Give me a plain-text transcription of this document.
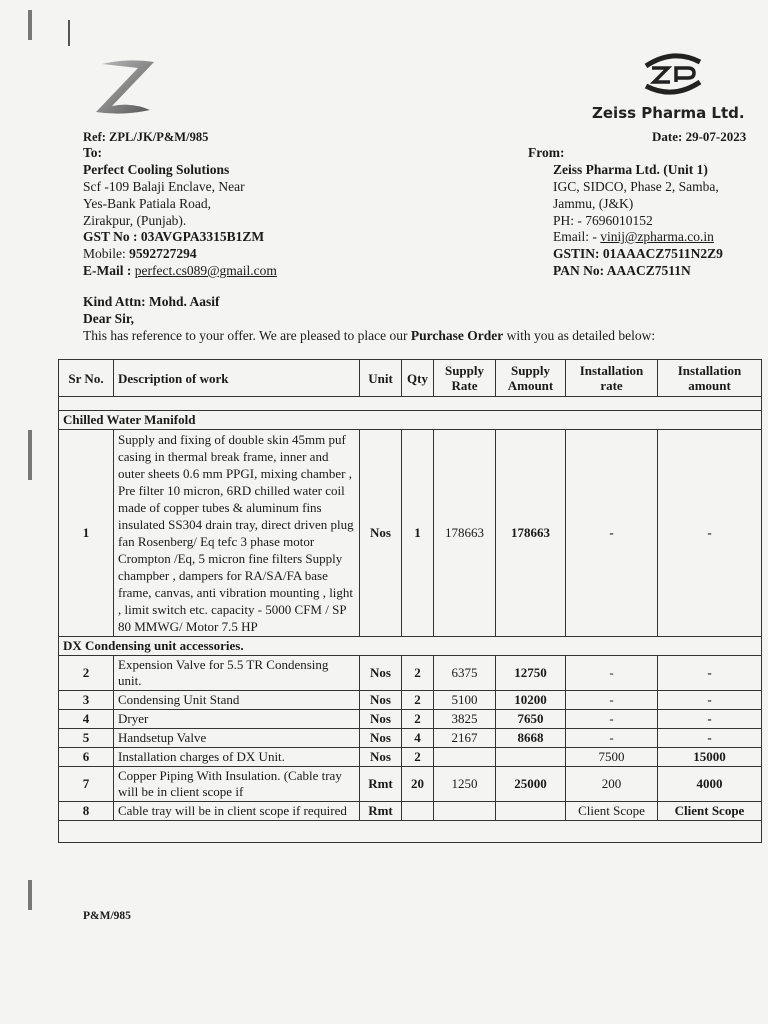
Zeiss Pharma Ltd.
Date: 29-07-2023
Ref: ZPL/JK/P&M/985
To:
Perfect Cooling Solutions
Scf -109 Balaji Enclave, Near
Yes-Bank Patiala Road,
Zirakpur, (Punjab).
GST No : 03AVGPA3315B1ZM
Mobile: 9592727294
E-Mail : perfect.cs089@gmail.com
From:
Zeiss Pharma Ltd. (Unit 1)
IGC, SIDCO, Phase 2, Samba,
Jammu, (J&K)
PH: - 7696010152
Email: - vinij@zpharma.co.in
GSTIN: 01AAACZ7511N2Z9
PAN No: AAACZ7511N
Kind Attn: Mohd. Aasif
Dear Sir,
This has reference to your offer. We are pleased to place our Purchase Order with you as detailed below:
Sr No.	Description of work	Unit	Qty	Supply Rate	Supply Amount	Installation rate	Installation amount

Chilled Water Manifold							
1	Supply and fixing of double skin 45mm puf casing in thermal break frame, inner and outer sheets 0.6 mm PPGI, mixing chamber , Pre filter 10 micron, 6RD chilled water coil made of copper tubes & aluminum fins insulated SS304 drain tray, direct driven plug fan Rosenberg/ Eq tefc 3 phase motor Crompton /Eq, 5 micron fine filters Supply champber , dampers for RA/SA/FA base frame, canvas, anti vibration mounting , light , limit switch etc. capacity - 5000 CFM / SP 80 MMWG/ Motor 7.5 HP	Nos	1	178663	178663	-	-
DX Condensing unit accessories.							
2	Expension Valve for 5.5 TR Condensing unit.	Nos	2	6375	12750	-	-
3	Condensing Unit Stand	Nos	2	5100	10200	-	-
4	Dryer	Nos	2	3825	7650	-	-
5	Handsetup Valve	Nos	4	2167	8668	-	-
6	Installation charges of DX Unit.	Nos	2			7500	15000
7	Copper Piping With Insulation. (Cable tray will be in client scope if	Rmt	20	1250	25000	200	4000
8	Cable tray will be in client scope if required	Rmt				Client Scope	Client Scope

P&M/985
